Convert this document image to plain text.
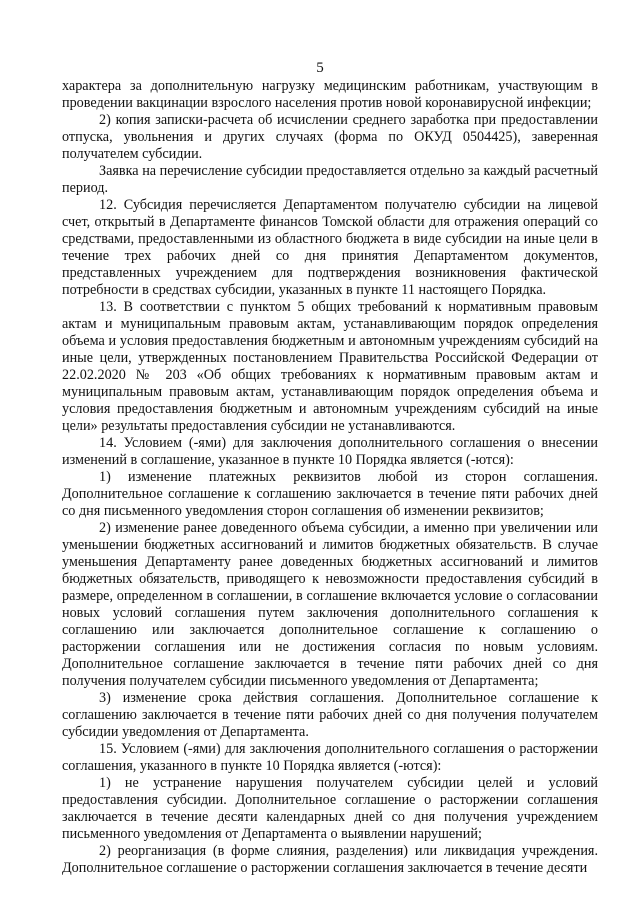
5

характера за дополнительную нагрузку медицинским работникам, участвующим в проведении вакцинации взрослого населения против новой коронавирусной инфекции;

2) копия записки-расчета об исчислении среднего заработка при предоставлении отпуска, увольнения и других случаях (форма по ОКУД 0504425), заверенная получателем субсидии.

Заявка на перечисление субсидии предоставляется отдельно за каждый расчетный период.

12. Субсидия перечисляется Департаментом получателю субсидии на лицевой счет, открытый в Департаменте финансов Томской области для отражения операций со средствами, предоставленными из областного бюджета в виде субсидии на иные цели в течение трех рабочих дней со дня принятия Департаментом документов, представленных учреждением для подтверждения возникновения фактической потребности в средствах субсидии, указанных в пункте 11 настоящего Порядка.

13. В соответствии с пунктом 5 общих требований к нормативным правовым актам и муниципальным правовым актам, устанавливающим порядок определения объема и условия предоставления бюджетным и автономным учреждениям субсидий на иные цели, утвержденных постановлением Правительства Российской Федерации от 22.02.2020 № 203 «Об общих требованиях к нормативным правовым актам и муниципальным правовым актам, устанавливающим порядок определения объема и условия предоставления бюджетным и автономным учреждениям субсидий на иные цели» результаты предоставления субсидии не устанавливаются.

14. Условием (-ями) для заключения дополнительного соглашения о внесении изменений в соглашение, указанное в пункте 10 Порядка является (-ются):

1) изменение платежных реквизитов любой из сторон соглашения. Дополнительное соглашение к соглашению заключается в течение пяти рабочих дней со дня письменного уведомления сторон соглашения об изменении реквизитов;

2) изменение ранее доведенного объема субсидии, а именно при увеличении или уменьшении бюджетных ассигнований и лимитов бюджетных обязательств. В случае уменьшения Департаменту ранее доведенных бюджетных ассигнований и лимитов бюджетных обязательств, приводящего к невозможности предоставления субсидий в размере, определенном в соглашении, в соглашение включается условие о согласовании новых условий соглашения путем заключения дополнительного соглашения к соглашению или заключается дополнительное соглашение к соглашению о расторжении соглашения или не достижения согласия по новым условиям. Дополнительное соглашение заключается в течение пяти рабочих дней со дня получения получателем субсидии письменного уведомления от Департамента;

3) изменение срока действия соглашения. Дополнительное соглашение к соглашению заключается в течение пяти рабочих дней со дня получения получателем субсидии уведомления от Департамента.

15. Условием (-ями) для заключения дополнительного соглашения о расторжении соглашения, указанного в пункте 10 Порядка является (-ются):

1) не устранение нарушения получателем субсидии целей и условий предоставления субсидии. Дополнительное соглашение о расторжении соглашения заключается в течение десяти календарных дней со дня получения учреждением письменного уведомления от Департамента о выявлении нарушений;

2) реорганизация (в форме слияния, разделения) или ликвидация учреждения. Дополнительное соглашение о расторжении соглашения заключается в течение десяти
